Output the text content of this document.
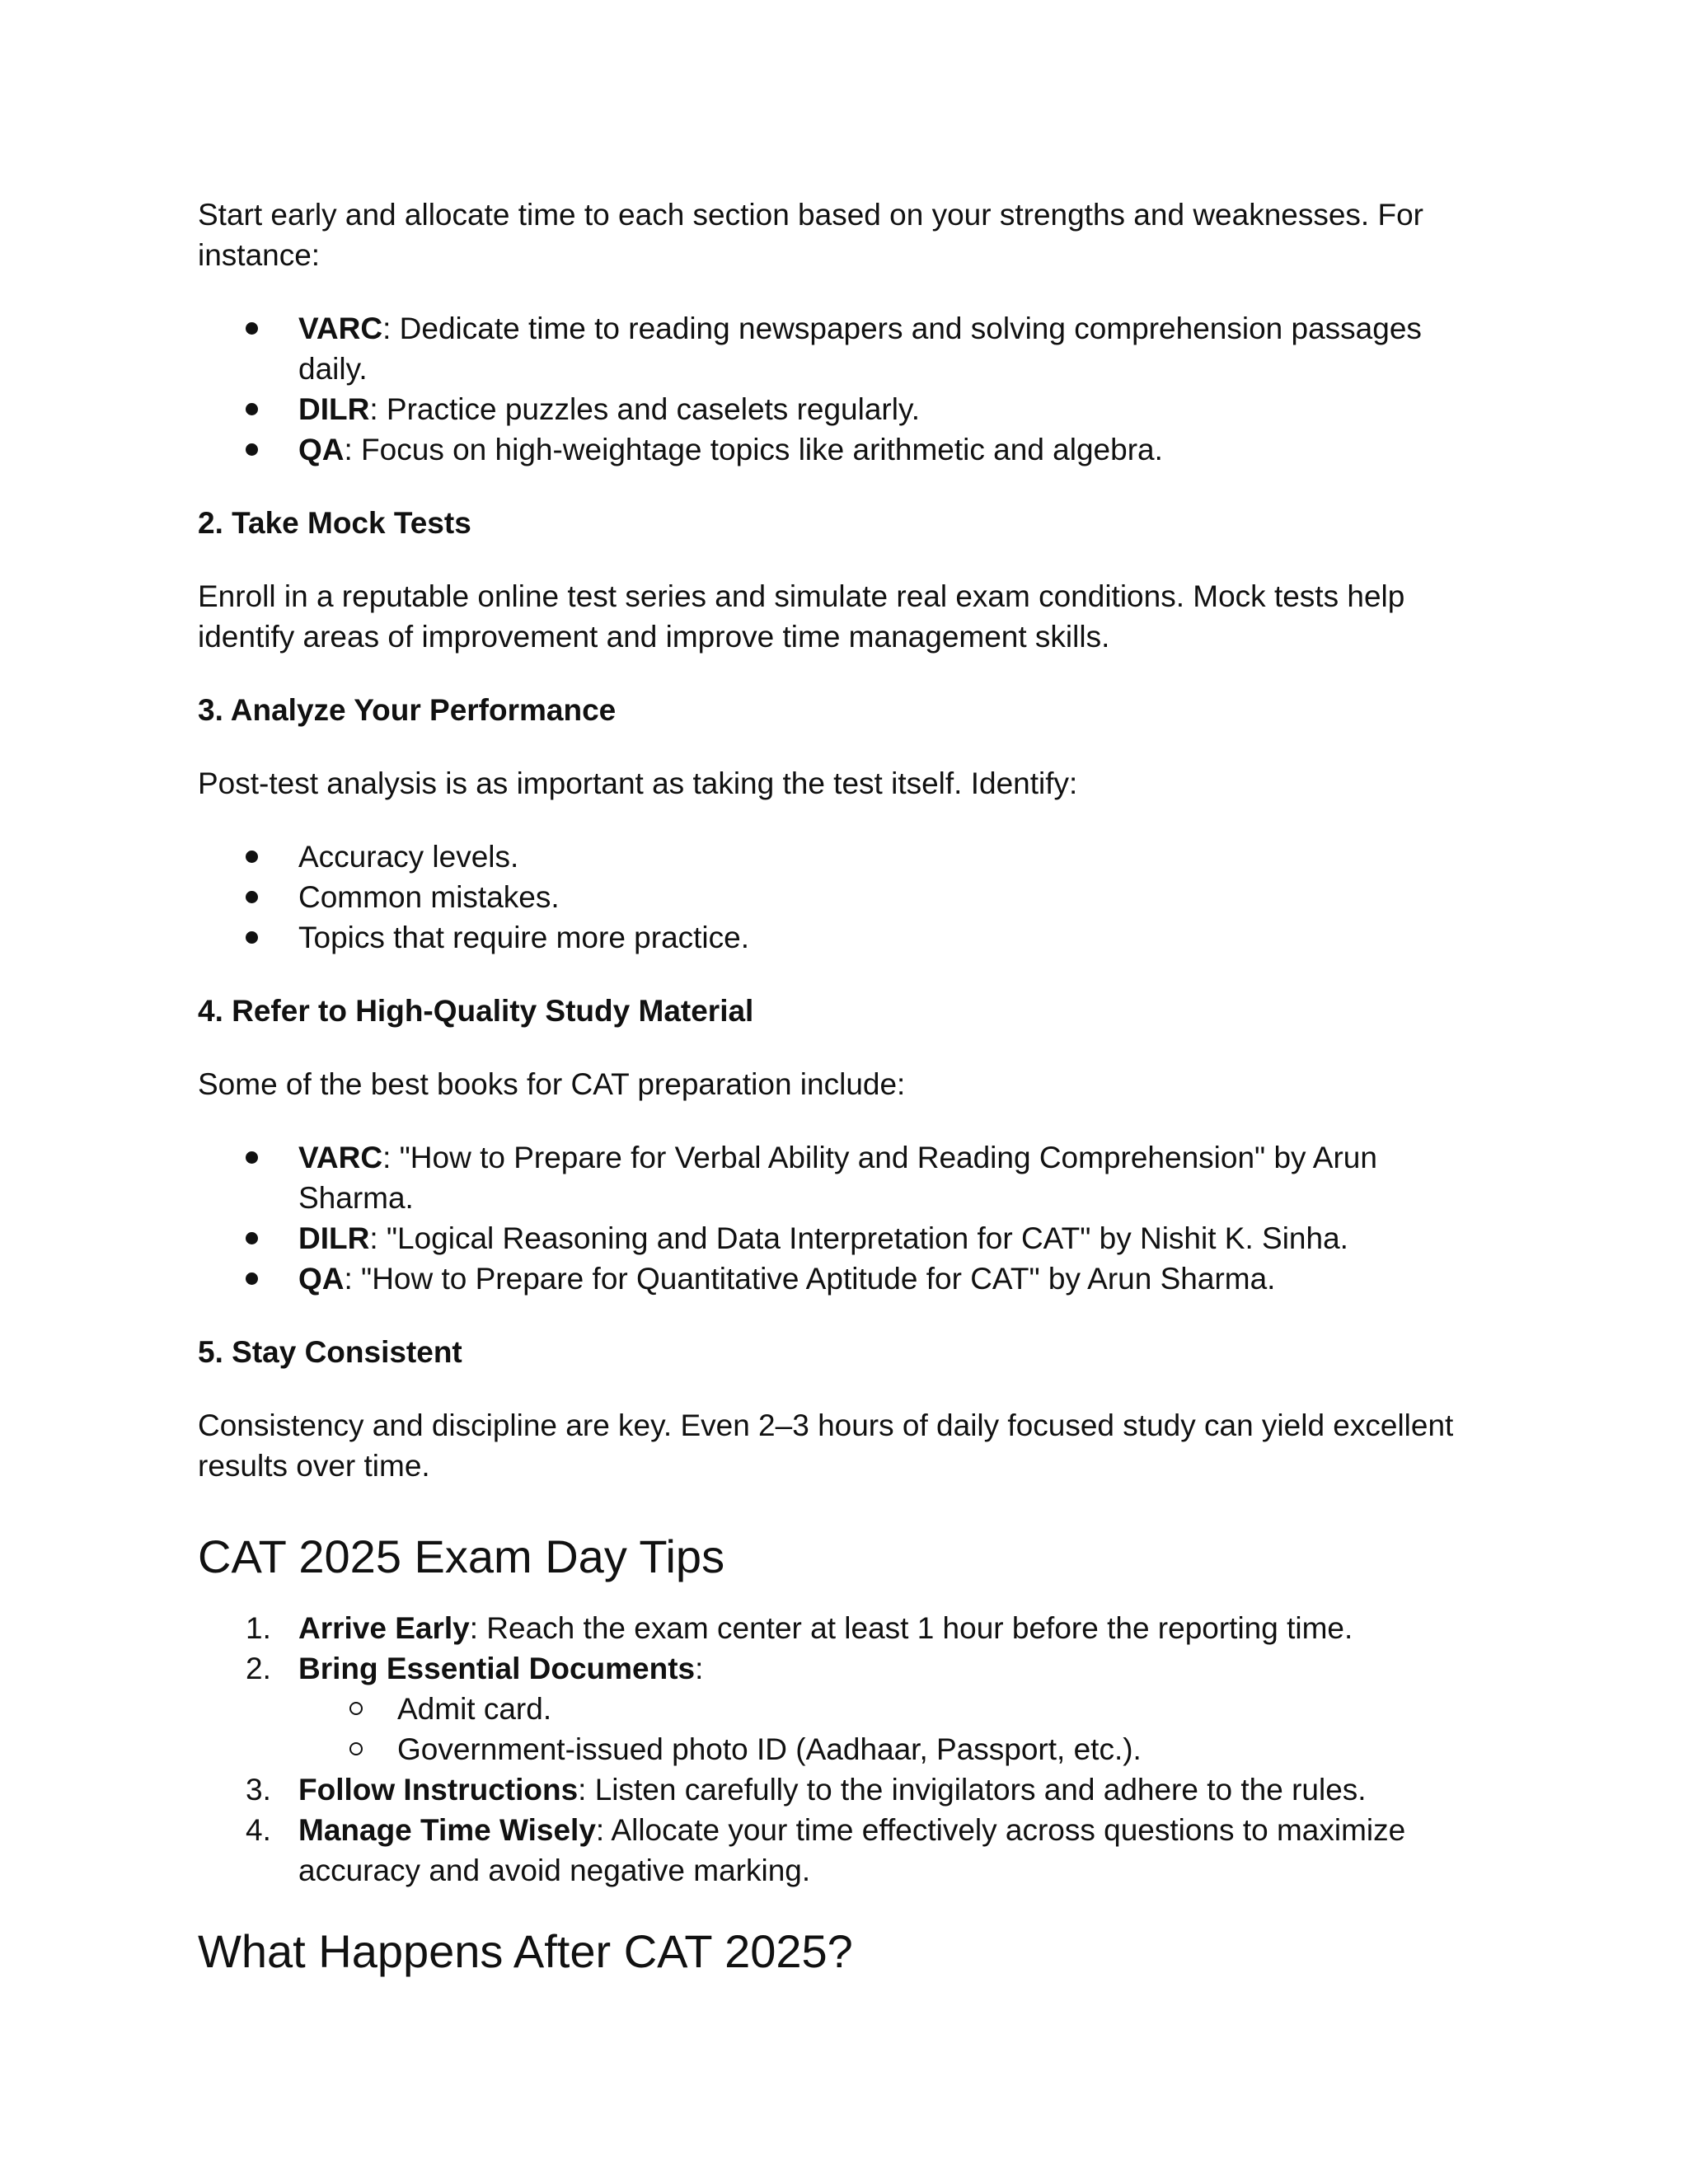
Start early and allocate time to each section based on your strengths and weaknesses. For instance:

VARC: Dedicate time to reading newspapers and solving comprehension passages daily.
DILR: Practice puzzles and caselets regularly.
QA: Focus on high-weightage topics like arithmetic and algebra.
2. Take Mock Tests

Enroll in a reputable online test series and simulate real exam conditions. Mock tests help identify areas of improvement and improve time management skills.

3. Analyze Your Performance

Post-test analysis is as important as taking the test itself. Identify:

Accuracy levels.
Common mistakes.
Topics that require more practice.
4. Refer to High-Quality Study Material

Some of the best books for CAT preparation include:

VARC: "How to Prepare for Verbal Ability and Reading Comprehension" by Arun Sharma.
DILR: "Logical Reasoning and Data Interpretation for CAT" by Nishit K. Sinha.
QA: "How to Prepare for Quantitative Aptitude for CAT" by Arun Sharma.
5. Stay Consistent

Consistency and discipline are key. Even 2–3 hours of daily focused study can yield excellent results over time.

CAT 2025 Exam Day Tips
1. Arrive Early: Reach the exam center at least 1 hour before the reporting time.
2. Bring Essential Documents:
Admit card.
Government-issued photo ID (Aadhaar, Passport, etc.).
3. Follow Instructions: Listen carefully to the invigilators and adhere to the rules.
4. Manage Time Wisely: Allocate your time effectively across questions to maximize accuracy and avoid negative marking.
What Happens After CAT 2025?
